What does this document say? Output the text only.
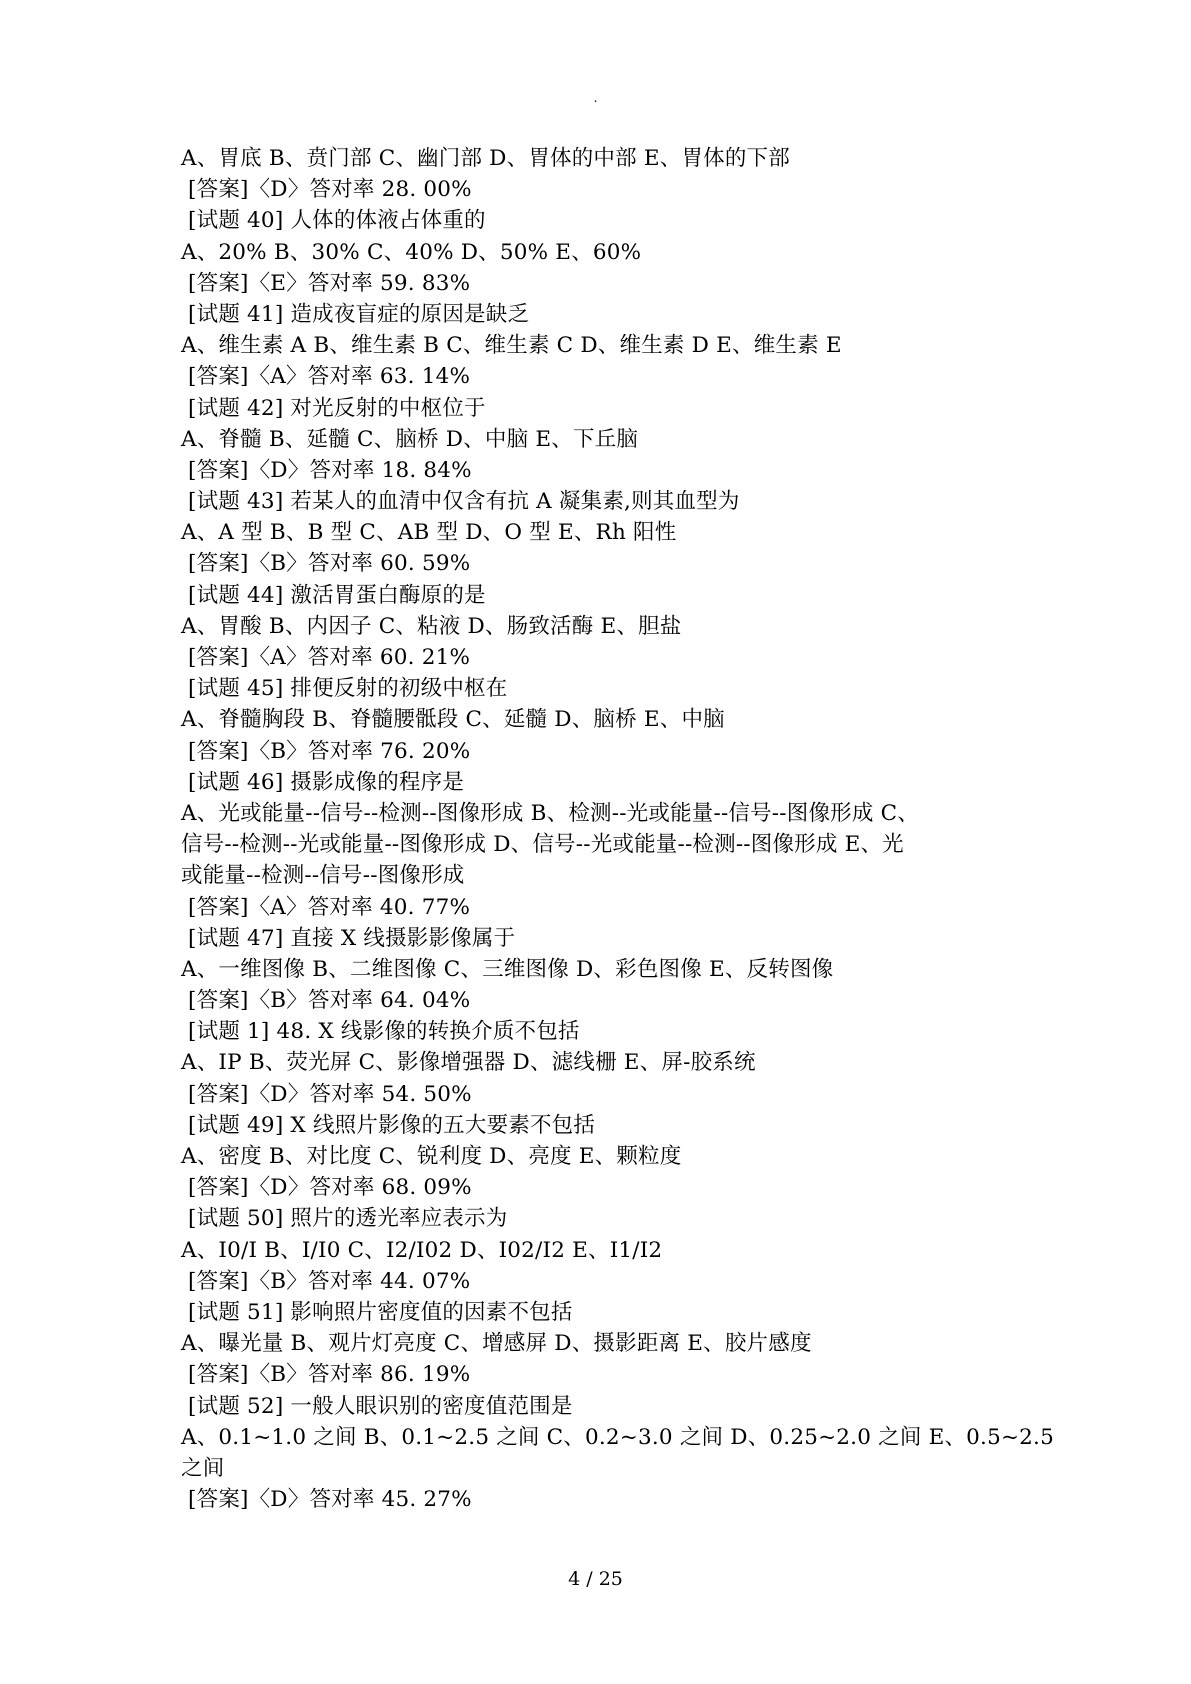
.
A、胃底 B、贲门部 C、幽门部 D、胃体的中部 E、胃体的下部
[答案]〈D〉答对率 28. 00%
[试题 40] 人体的体液占体重的
A、20% B、30% C、40% D、50% E、60%
[答案]〈E〉答对率 59. 83%
[试题 41] 造成夜盲症的原因是缺乏
A、维生素 A B、维生素 B C、维生素 C D、维生素 D E、维生素 E
[答案]〈A〉答对率 63. 14%
[试题 42] 对光反射的中枢位于
A、脊髓 B、延髓 C、脑桥 D、中脑 E、下丘脑
[答案]〈D〉答对率 18. 84%
[试题 43] 若某人的血清中仅含有抗 A 凝集素,则其血型为
A、A 型 B、B 型 C、AB 型 D、O 型 E、Rh 阳性
[答案]〈B〉答对率 60. 59%
[试题 44] 激活胃蛋白酶原的是
A、胃酸 B、内因子 C、粘液 D、肠致活酶 E、胆盐
[答案]〈A〉答对率 60. 21%
[试题 45] 排便反射的初级中枢在
A、脊髓胸段 B、脊髓腰骶段 C、延髓 D、脑桥 E、中脑
[答案]〈B〉答对率 76. 20%
[试题 46] 摄影成像的程序是
A、光或能量--信号--检测--图像形成 B、检测--光或能量--信号--图像形成 C、
信号--检测--光或能量--图像形成 D、信号--光或能量--检测--图像形成 E、光
或能量--检测--信号--图像形成
[答案]〈A〉答对率 40. 77%
[试题 47] 直接 X 线摄影影像属于
A、一维图像 B、二维图像 C、三维图像 D、彩色图像 E、反转图像
[答案]〈B〉答对率 64. 04%
[试题 1] 48. X 线影像的转换介质不包括
A、IP B、荧光屏 C、影像增强器 D、滤线栅 E、屏-胶系统
[答案]〈D〉答对率 54. 50%
[试题 49] X 线照片影像的五大要素不包括
A、密度 B、对比度 C、锐利度 D、亮度 E、颗粒度
[答案]〈D〉答对率 68. 09%
[试题 50] 照片的透光率应表示为
A、I0/I B、I/I0 C、I2/I02 D、I02/I2 E、I1/I2
[答案]〈B〉答对率 44. 07%
[试题 51] 影响照片密度值的因素不包括
A、曝光量 B、观片灯亮度 C、增感屏 D、摄影距离 E、胶片感度
[答案]〈B〉答对率 86. 19%
[试题 52] 一般人眼识别的密度值范围是
A、0.1~1.0 之间 B、0.1~2.5 之间 C、0.2~3.0 之间 D、0.25~2.0 之间 E、0.5~2.5
之间
[答案]〈D〉答对率 45. 27%
4 / 25
